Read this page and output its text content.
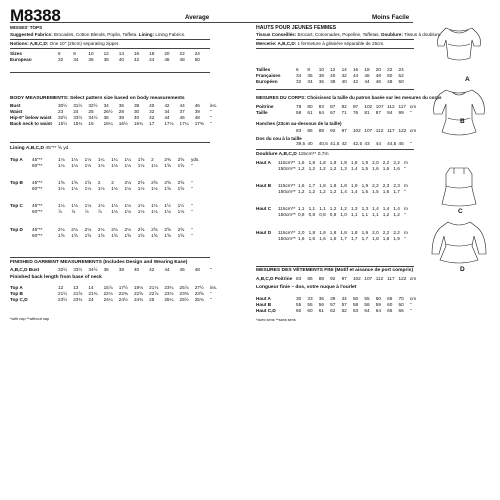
M8388	Average	Moins Facile
MISSES' TOPS
Suggested Fabrics: Brocades, Cotton Blends, Poplin, Taffeta. Lining: Lining Fabrics.
Notions: A,B,C,D: One 10" (25cm) separating zipper.
Sizes	6	8	10	12	14	16	18	20	22	24
European	32	34	36	38	40	42	44	46	48	50
BODY MEASUREMENTS: Select pattern size based on body measurements
Bust	30½	31½	32½	34	36	38	40	42	44	46	ins.
Waist	23	24	25	26½	28	30	32	34	37	39	"
Hip-9" below waist	32½	33½	34½	36	38	40	42	44	46	48	"
Back neck to waist	15½	15¾	16	16¼	16½	16¾	17	17⅛	17¼	17⅜	"
Lining A,B,C,D 45"** ⅝ yd.
Top A	45"**	1⅛	1⅛	1⅛	1¼	1¼	1¼	1⅝	2	2⅜	2⅝	yds.
	60"**	1⅛	1⅛	1⅛	1⅛	1⅛	1⅛	1⅛	1⅛	1⅝	1⅝	"

Top B	45"**	1⅝	1⅝	1⅝	2	2	2⅛	2⅝	2⅝	2⅝	2⅝	"
	60"**	1⅛	1⅛	1⅛	1⅛	1⅛	1⅛	1⅛	1⅛	1⅝	1⅝	"

Top C	45"**	1⅛	1⅛	1⅛	1⅛	1⅛	1⅛	1⅛	1⅛	1½	1½	"
	60"**	⅞	⅞	⅞	⅞	1⅛	1⅛	1⅛	1⅛	1⅛	1⅛	"

Top D	45"**	2⅛	2⅛	2⅛	2⅛	2⅛	2⅛	2⅝	2⅝	2⅝	2⅝	"
	60"**	1⅝	1⅝	1⅝	1⅝	1⅝	1⅝	1⅝	1⅝	1⅝	1⅝	"
FINISHED GARMENT MEASUREMENTS (Includes Design and Wearing Ease)
A,B,C,D Bust	32½	33½	34½	36	38	40	42	44	46	48	"
Finished back length from base of neck
Top A	12	13	14	15⅞	17½	19⅛	21⅛	23¼	25⅞	27½	ins.
Top B	21½	21⅝	21¾	22⅛	22⅜	22⅝	22⅞	23⅛	23⅜	23⅝	"
Top C,D	23½	23¾	24	24¼	24½	24¾	25	25¼	25½	25¾	"
*with nap **without nap
HAUTS POUR JEUNES FEMMES
Tissus Conseillés: Brocart, Cotonnades, Popeline, Taffetas. Doublure: Tissus à doublure.
Mercerie: A,B,C,D: 1 fermeture à glissière séparable de 25cm.
Tailles	6	8	10	12	14	16	18	20	22	24
Françaises	34	36	38	40	42	44	46	48	50	52
Européen	32	34	36	38	40	42	44	46	48	50
MESURES DU CORPS: Choisissez la taille du patron basée sur les mesures du corps
Poitrine	78	80	83	87	92	97	102	107	112	117	cm
Taille	58	61	64	67	71	76	81	87	94	99	"
Hanches (23cm au-dessous de la taille)
	83	85	88	92	97	102	107	112	117	122	cm
Dos du cou à la taille
	39,5	40	40,5	41,5	42	42,5	43	44	44,5	45	"
Doublure A,B,C,D 115cm** 0,7m
Haut A	115cm**	1,6	1,8	1,8	1,8	1,8	1,8	1,9	2,0	2,2	2,2	m
	150cm**	1,2	1,2	1,2	1,2	1,3	1,4	1,5	1,6	1,6	1,6	"

Haut B	115cm**	1,6	1,7	1,8	1,8	1,8	1,9	1,9	2,2	2,3	2,3	m
	150cm**	1,2	1,2	1,2	1,2	1,4	1,4	1,5	1,5	1,6	1,7	"

Haut C	115cm**	1,1	1,1	1,1	1,2	1,2	1,3	1,3	1,4	1,4	1,4	m
	150cm**	0,8	0,8	0,8	0,8	1,0	1,1	1,1	1,1	1,2	1,2	"

Haut D	115cm**	2,0	1,8	1,8	1,8	1,8	1,8	1,9	2,0	2,2	2,2	m
	150cm**	1,6	1,6	1,6	1,6	1,7	1,7	1,7	1,8	1,8	1,9	"
MESURES DES VÊTEMENTS FINI (Motif et aisance de port compris)
A,B,C,D Poitrine	83	85	88	92	97	102	107	112	117	122	cm
Longueur finie – dos, votre nuque à l'ourlet
Haut A	30	33	36	39	44	50	55	60	65	70	cm
Haut B	55	55	56	57	57	58	58	59	60	60	"
Haut C,D	60	60	61	62	62	63	64	64	65	66	"
*avec sens **sans sens
B
A
C
D
